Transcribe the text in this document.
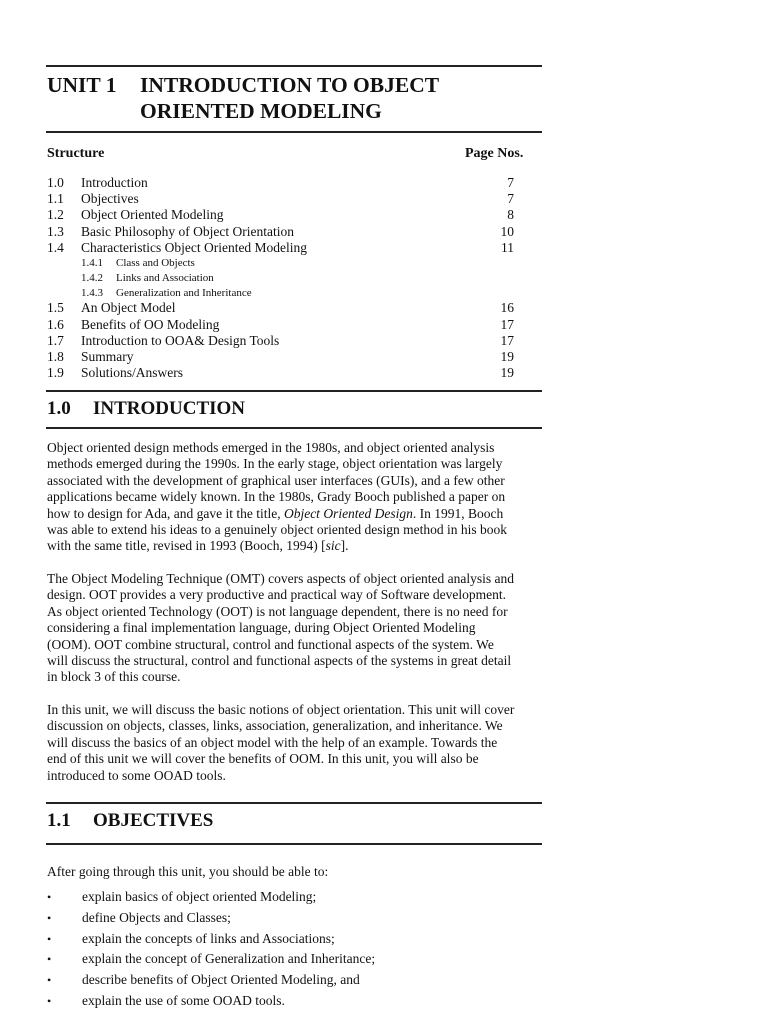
UNIT 1 INTRODUCTION TO OBJECT
ORIENTED MODELING
Structure	Page Nos.
1.0 Introduction	7
1.1 Objectives	7
1.2 Object Oriented Modeling	8
1.3 Basic Philosophy of Object Orientation	10
1.4 Characteristics Object Oriented Modeling	11
1.4.1 Class and Objects
1.4.2 Links and Association
1.4.3 Generalization and Inheritance
1.5 An Object Model	16
1.6 Benefits of OO Modeling	17
1.7 Introduction to OOA& Design Tools	17
1.8 Summary	19
1.9 Solutions/Answers	19
1.0 INTRODUCTION

Object oriented design methods emerged in the 1980s, and object oriented analysis
methods emerged during the 1990s. In the early stage, object orientation was largely
associated with the development of graphical user interfaces (GUIs), and a few other
applications became widely known. In the 1980s, Grady Booch published a paper on
how to design for Ada, and gave it the title, Object Oriented Design. In 1991, Booch
was able to extend his ideas to a genuinely object oriented design method in his book
with the same title, revised in 1993 (Booch, 1994) [sic].

The Object Modeling Technique (OMT) covers aspects of object oriented analysis and
design. OOT provides a very productive and practical way of Software development.
As object oriented Technology (OOT) is not language dependent, there is no need for
considering a final implementation language, during Object Oriented Modeling
(OOM). OOT combine structural, control and functional aspects of the system. We
will discuss the structural, control and functional aspects of the systems in great detail
in block 3 of this course.

In this unit, we will discuss the basic notions of object orientation. This unit will cover
discussion on objects, classes, links, association, generalization, and inheritance. We
will discuss the basics of an object model with the help of an example. Towards the
end of this unit we will cover the benefits of OOM. In this unit, you will also be
introduced to some OOAD tools.

1.1 OBJECTIVES

After going through this unit, you should be able to:

• explain basics of object oriented Modeling;
• define Objects and Classes;
• explain the concepts of links and Associations;
• explain the concept of Generalization and Inheritance;
• describe benefits of Object Oriented Modeling, and
• explain the use of some OOAD tools.
